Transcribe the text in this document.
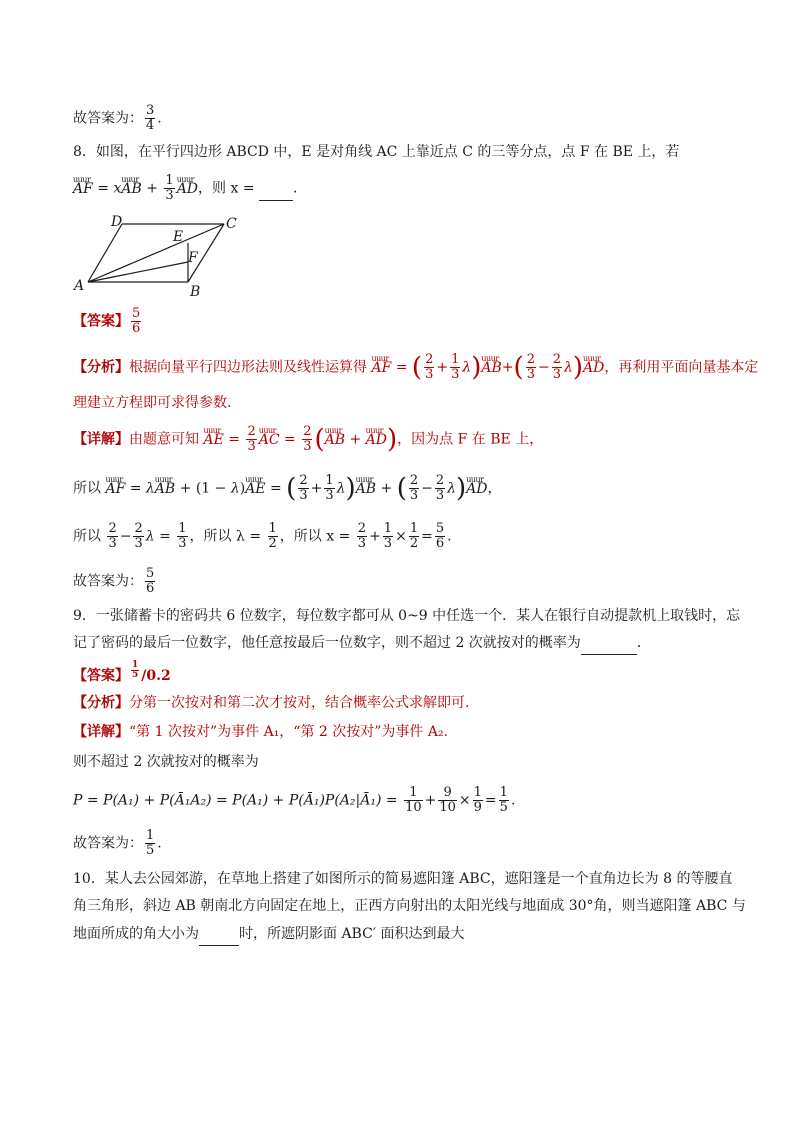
故答案为： $\frac{3}{4}$ .
8．如图，在平行四边形 ABCD 中，E 是对角线 AC 上靠近点 C 的三等分点，点 F 在 BE 上，若
uuur AF = xuuur AB + $\frac{1}{3}$ uuur AD，则 x =  .
A	B
C
D
E
F
【答案】 $\frac{5}{6}$
【分析】根据向量平行四边形法则及线性运算得 uuur AF = ( $\frac{2}{3} + \frac{1}{3}$ λ)uuur $AB+( \frac{2}{3} - \frac{2}{3}$ λ)uuur AD，再利用平面向量基本定
理建立方程即可求得参数.
【详解】由题意可知 uuur AE = $\frac{2}{3}$ uuur AC = $\frac{2}{3}$ (uuur AB + uuur AD)，因为点 F 在 BE 上，
所以 uuur AF = λuuur AB + (1 − λ)uuur AE = ( $\frac{2}{3} + \frac{1}{3}$ λ)uuur AB + ( $\frac{2}{3} - \frac{2}{3}$ λ)uuur AD，
所以 $\frac{2}{3} - \frac{2}{3}$ $\lambda = \frac{1}{3}$ ，所以 $\lambda = \frac{1}{2}$ ，所以 $x = \frac{2}{3} + \frac{1}{3} \times \frac{1}{2} = \frac{5}{6}$ .
故答案为： $\frac{5}{6}$
9．一张储蓄卡的密码共 6 位数字，每位数字都可从 0~9 中任选一个．某人在银行自动提款机上取钱时，忘
记了密码的最后一位数字，他任意按最后一位数字，则不超过 2 次就按对的概率为	．
【答案】 $\frac{1}{5} /0.2$
【分析】分第一次按对和第二次才按对，结合概率公式求解即可.
【详解】“第 1 次按对”为事件 A₁，“第 2 次按对”为事件 A₂.
则不超过 2 次就按对的概率为
P = P(A₁) + P(Ā₁A₂) = P(A₁) + P(Ā₁)P(A₂|Ā₁) = $\frac{1}{10} + \frac{9}{10} \times \frac{1}{9} = \frac{1}{5}$ .
故答案为： $\frac{1}{5}$ .
10．某人去公园郊游，在草地上搭建了如图所示的简易遮阳篷 ABC，遮阳篷是一个直角边长为 8 的等腰直
角三角形，斜边 AB 朝南北方向固定在地上，正西方向射出的太阳光线与地面成 30°角，则当遮阳篷 ABC 与
地面所成的角大小为	时，所遮阴影面 ABC′ 面积达到最大
